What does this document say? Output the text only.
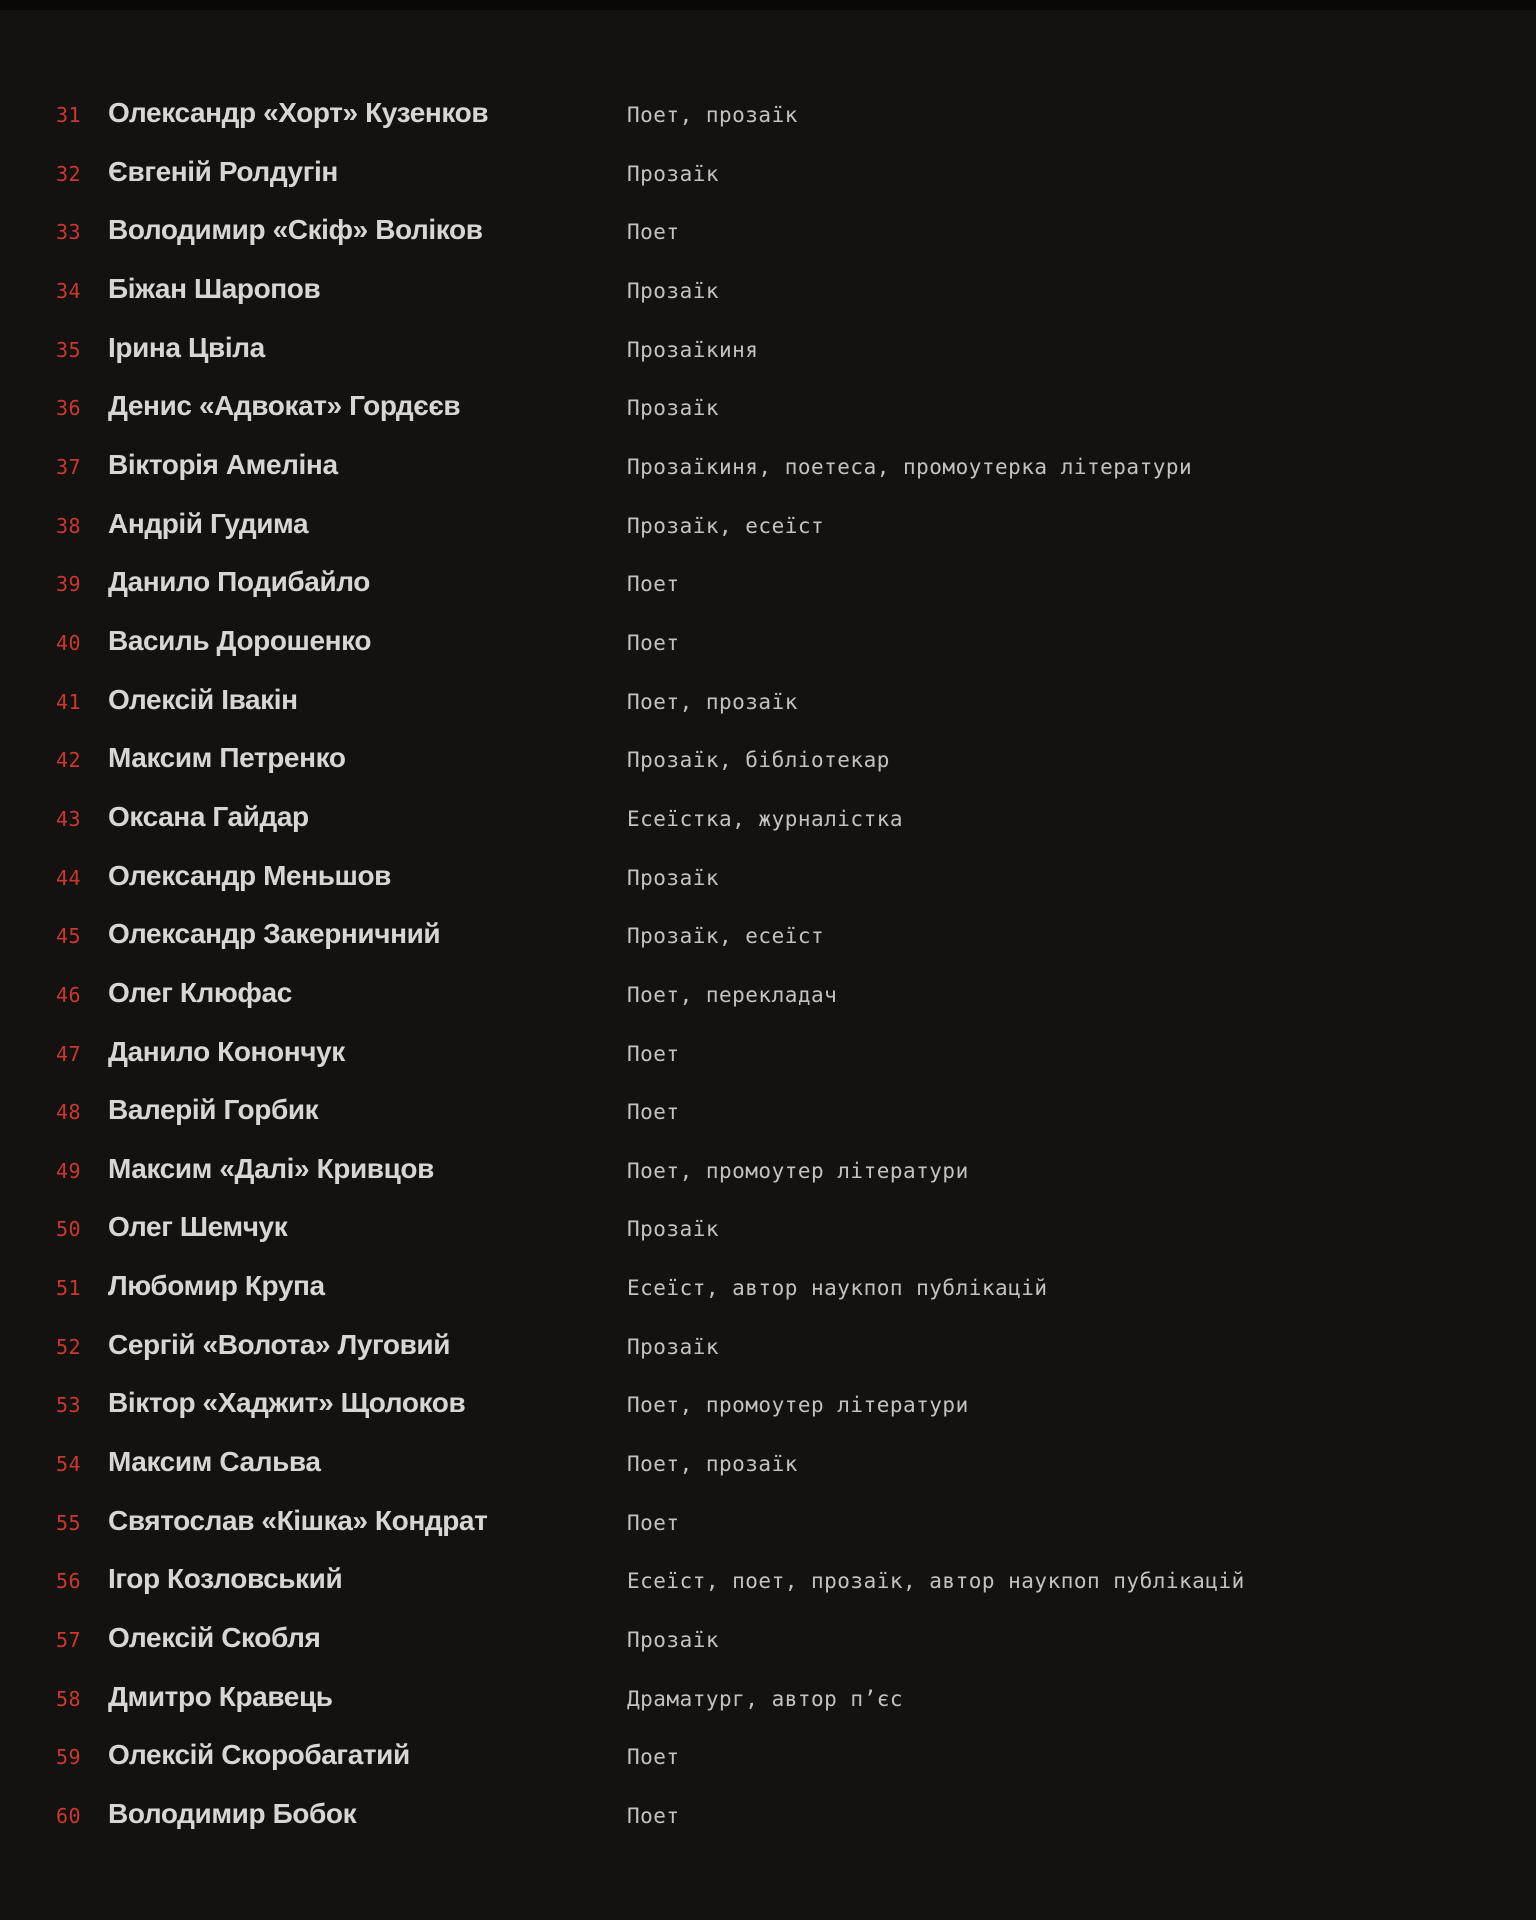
31 Олександр «Хорт» Кузенков	Поет, прозаїк
32 Євгеній Ролдугін	Прозаїк
33 Володимир «Скіф» Воліков	Поет
34 Біжан Шаропов	Прозаїк
35 Ірина Цвіла	Прозаїкиня
36 Денис «Адвокат» Гордєєв	Прозаїк
37 Вікторія Амеліна	Прозаїкиня, поетеса, промоутерка літератури
38 Андрій Гудима	Прозаїк, есеїст
39 Данило Подибайло	Поет
40 Василь Дорошенко	Поет
41 Олексій Івакін	Поет, прозаїк
42 Максим Петренко	Прозаїк, бібліотекар
43 Оксана Гайдар	Есеїстка, журналістка
44 Олександр Меньшов	Прозаїк
45 Олександр Закерничний	Прозаїк, есеїст
46 Олег Клюфас	Поет, перекладач
47 Данило Конончук	Поет
48 Валерій Горбик	Поет
49 Максим «Далі» Кривцов	Поет, промоутер літератури
50 Олег Шемчук	Прозаїк
51 Любомир Крупа	Есеїст, автор наукпоп публікацій
52 Сергій «Волота» Луговий	Прозаїк
53 Віктор «Хаджит» Щолоков	Поет, промоутер літератури
54 Максим Сальва	Поет, прозаїк
55 Святослав «Кішка» Кондрат	Поет
56 Ігор Козловський	Есеїст, поет, прозаїк, автор наукпоп публікацій
57 Олексій Скобля	Прозаїк
58 Дмитро Кравець	Драматург, автор п’єс
59 Олексій Скоробагатий	Поет
60 Володимир Бобок	Поет
